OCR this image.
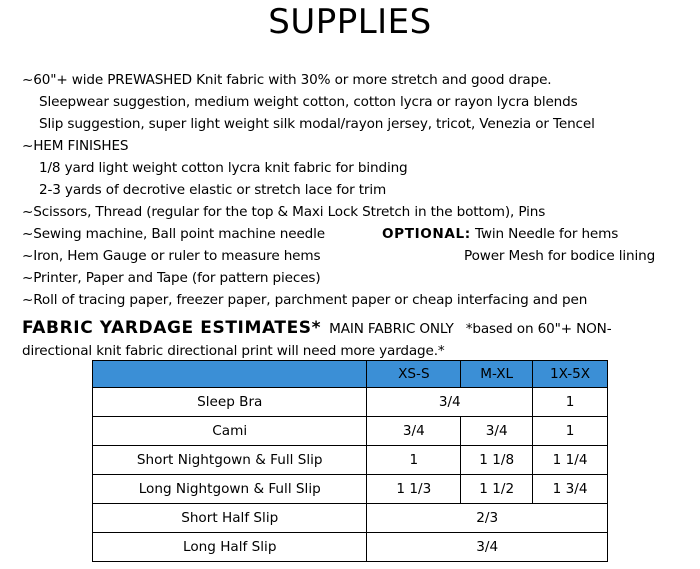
SUPPLIES
~60"+ wide PREWASHED Knit fabric with 30% or more stretch and good drape.
Sleepwear suggestion, medium weight cotton, cotton lycra or rayon lycra blends
Slip suggestion, super light weight silk modal/rayon jersey, tricot, Venezia or Tencel
~HEM FINISHES
1/8 yard light weight cotton lycra knit fabric for binding
2-3 yards of decrotive elastic or stretch lace for trim
~Scissors, Thread (regular for the top & Maxi Lock Stretch in the bottom), Pins
~Sewing machine, Ball point machine needle	OPTIONAL: Twin Needle for hems
~Iron, Hem Gauge or ruler to measure hems	Power Mesh for bodice lining
~Printer, Paper and Tape (for pattern pieces)
~Roll of tracing paper, freezer paper, parchment paper or cheap interfacing and pen
FABRIC YARDAGE ESTIMATES* MAIN FABRIC ONLY *based on 60"+ NON-
directional knit fabric directional print will need more yardage.*
	XS-S	M-XL	1X-5X
Sleep Bra	3/4		1
Cami	3/4	3/4	1
Short Nightgown & Full Slip	1	1 1/8	1 1/4
Long Nightgown & Full Slip	1 1/3	1 1/2	1 3/4
Short Half Slip	2/3		
Long Half Slip	3/4		
